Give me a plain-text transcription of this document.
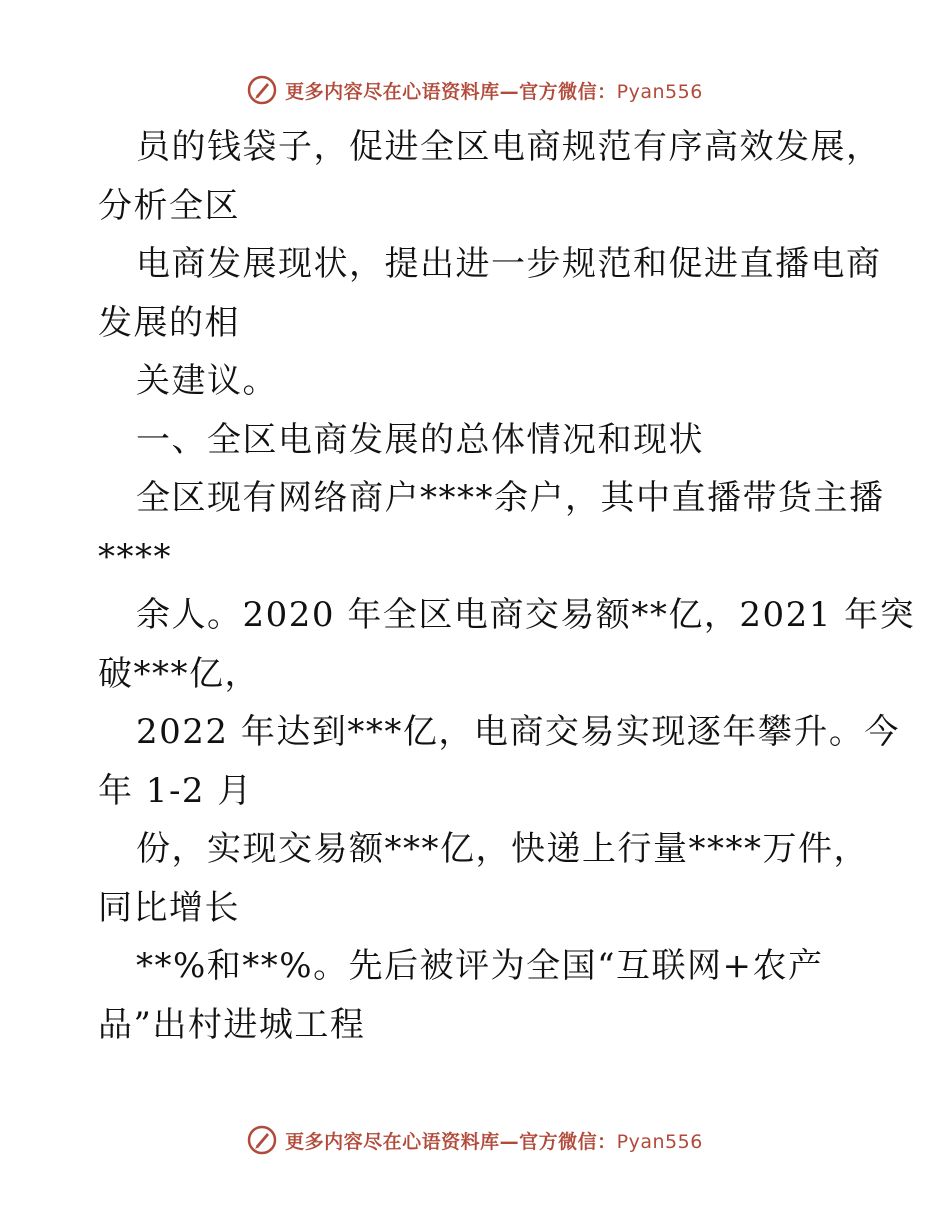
更多内容尽在心语资料库—官方微信：Pyan556
员的钱袋子，促进全区电商规范有序高效发展，
分析全区
电商发展现状，提出进一步规范和促进直播电商
发展的相
关建议。
一、全区电商发展的总体情况和现状
全区现有网络商户****余户，其中直播带货主播
****
余人。2020 年全区电商交易额**亿，2021 年突
破***亿，
2022 年达到***亿，电商交易实现逐年攀升。今
年 1-2 月
份，实现交易额***亿，快递上行量****万件，
同比增长
**%和**%。先后被评为全国“互联网+农产
品”出村进城工程
更多内容尽在心语资料库—官方微信：Pyan556
